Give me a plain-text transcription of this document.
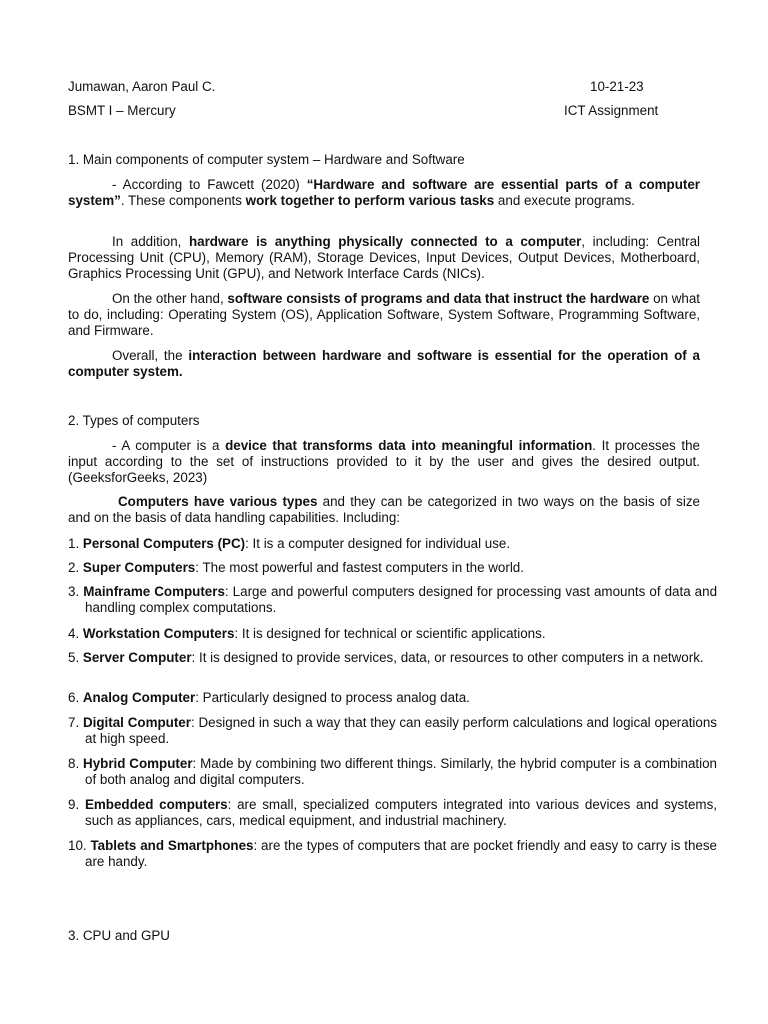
Jumawan, Aaron Paul C.	10-21-23
BSMT I – Mercury	ICT Assignment
1. Main components of computer system – Hardware and Software

- According to Fawcett (2020) “Hardware and software are essential parts of a computer system”. These components work together to perform various tasks and execute programs.

In addition, hardware is anything physically connected to a computer, including: Central Processing Unit (CPU), Memory (RAM), Storage Devices, Input Devices, Output Devices, Motherboard, Graphics Processing Unit (GPU), and Network Interface Cards (NICs).

On the other hand, software consists of programs and data that instruct the hardware on what to do, including: Operating System (OS), Application Software, System Software, Programming Software, and Firmware.

Overall, the interaction between hardware and software is essential for the operation of a computer system.

2. Types of computers

- A computer is a device that transforms data into meaningful information. It processes the input according to the set of instructions provided to it by the user and gives the desired output. (GeeksforGeeks, 2023)

Computers have various types and they can be categorized in two ways on the basis of size and on the basis of data handling capabilities. Including:

1. Personal Computers (PC): It is a computer designed for individual use.

2. Super Computers: The most powerful and fastest computers in the world.

3. Mainframe Computers: Large and powerful computers designed for processing vast amounts of data and handling complex computations.

4. Workstation Computers: It is designed for technical or scientific applications.

5. Server Computer: It is designed to provide services, data, or resources to other computers in a network.

6. Analog Computer: Particularly designed to process analog data.

7. Digital Computer: Designed in such a way that they can easily perform calculations and logical operations at high speed.

8. Hybrid Computer: Made by combining two different things. Similarly, the hybrid computer is a combination of both analog and digital computers.

9. Embedded computers: are small, specialized computers integrated into various devices and systems, such as appliances, cars, medical equipment, and industrial machinery.

10. Tablets and Smartphones: are the types of computers that are pocket friendly and easy to carry is these are handy.

3. CPU and GPU
